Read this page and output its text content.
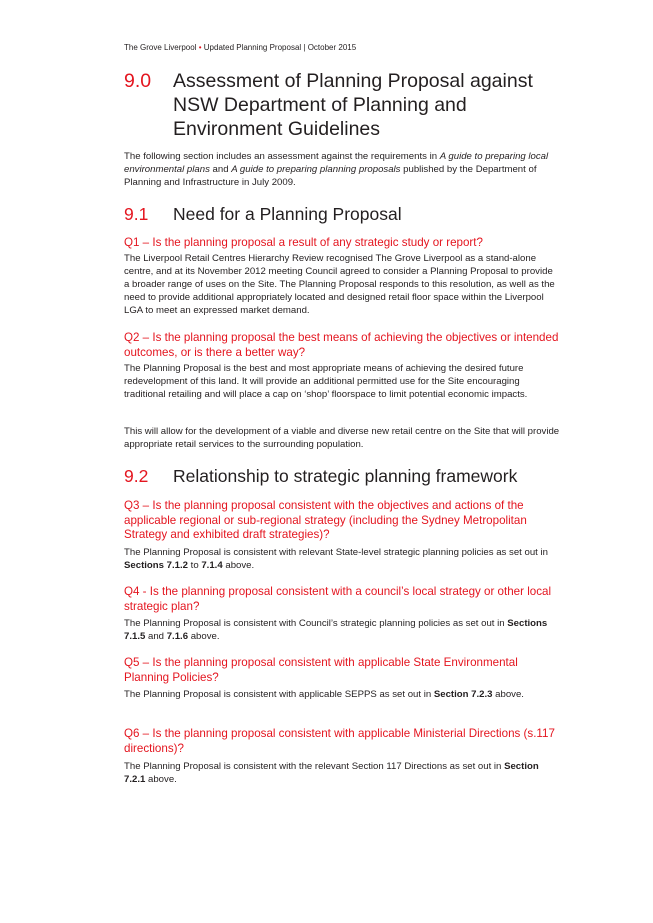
The Grove Liverpool • Updated Planning Proposal | October 2015
9.0	Assessment of Planning Proposal against NSW Department of Planning and Environment Guidelines
The following section includes an assessment against the requirements in A guide to preparing local environmental plans and A guide to preparing planning proposals published by the Department of Planning and Infrastructure in July 2009.
9.1	Need for a Planning Proposal
Q1 – Is the planning proposal a result of any strategic study or report?
The Liverpool Retail Centres Hierarchy Review recognised The Grove Liverpool as a stand-alone centre, and at its November 2012 meeting Council agreed to consider a Planning Proposal to provide a broader range of uses on the Site. The Planning Proposal responds to this resolution, as well as the need to provide additional appropriately located and designed retail floor space within the Liverpool LGA to meet an expressed market demand.
Q2 – Is the planning proposal the best means of achieving the objectives or intended outcomes, or is there a better way?
The Planning Proposal is the best and most appropriate means of achieving the desired future redevelopment of this land. It will provide an additional permitted use for the Site encouraging traditional retailing and will place a cap on ‘shop’ floorspace to limit potential economic impacts.
This will allow for the development of a viable and diverse new retail centre on the Site that will provide appropriate retail services to the surrounding population.
9.2	Relationship to strategic planning framework
Q3 – Is the planning proposal consistent with the objectives and actions of the applicable regional or sub-regional strategy (including the Sydney Metropolitan Strategy and exhibited draft strategies)?
The Planning Proposal is consistent with relevant State-level strategic planning policies as set out in Sections 7.1.2 to 7.1.4 above.
Q4 - Is the planning proposal consistent with a council’s local strategy or other local strategic plan?
The Planning Proposal is consistent with Council’s strategic planning policies as set out in Sections 7.1.5 and 7.1.6 above.
Q5 – Is the planning proposal consistent with applicable State Environmental Planning Policies?
The Planning Proposal is consistent with applicable SEPPS as set out in Section 7.2.3 above.
Q6 – Is the planning proposal consistent with applicable Ministerial Directions (s.117 directions)?
The Planning Proposal is consistent with the relevant Section 117 Directions as set out in Section 7.2.1 above.
